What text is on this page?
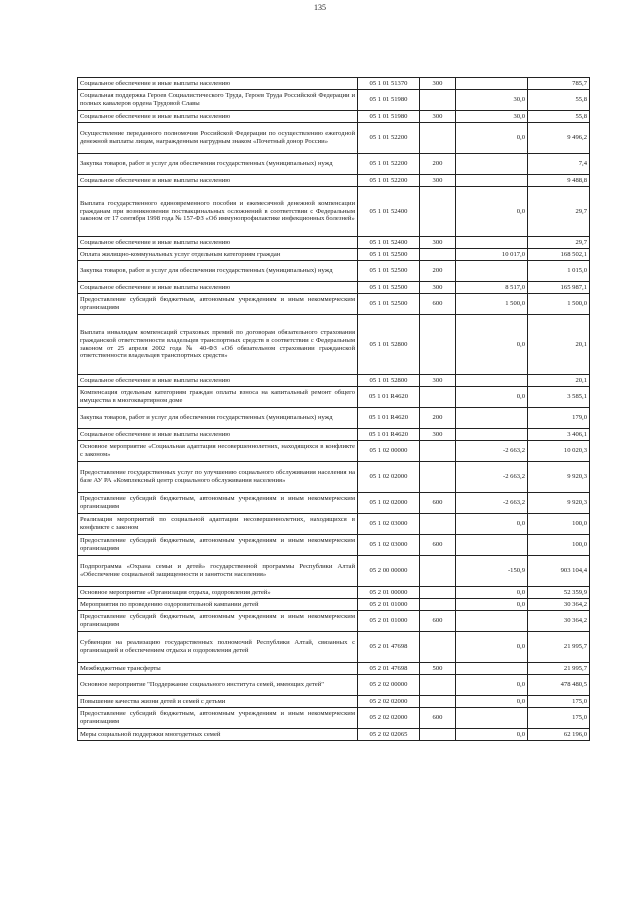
135
Социальное обеспечение и иные выплаты населению	05 1 01 51370	300		785,7
Социальная поддержка Героев Социалистического Труда, Героев Труда Российской Федерации и полных кавалеров ордена Трудовой Славы	05 1 01 51980		30,0	55,8
Социальное обеспечение и иные выплаты населению	05 1 01 51980	300	30,0	55,8
Осуществление переданного полномочия Российской Федерации по осуществлению ежегодной денежной выплаты лицам, награжденным нагрудным знаком «Почетный донор России»	05 1 01 52200		0,0	9 496,2
Закупка товаров, работ и услуг для обеспечения государственных (муниципальных) нужд	05 1 01 52200	200		7,4
Социальное обеспечение и иные выплаты населению	05 1 01 52200	300		9 488,8
Выплата государственного единовременного пособия и ежемесячной денежной компенсации гражданам при возникновении поствакцинальных осложнений в соответствии с Федеральным законом от 17 сентября 1998 года № 157-ФЗ «Об иммунопрофилактике инфекционных болезней»	05 1 01 52400		0,0	29,7
Социальное обеспечение и иные выплаты населению	05 1 01 52400	300		29,7
Оплата жилищно-коммунальных услуг отдельным категориям граждан	05 1 01 52500		10 017,0	168 502,1
Закупка товаров, работ и услуг для обеспечения государственных (муниципальных) нужд	05 1 01 52500	200		1 015,0
Социальное обеспечение и иные выплаты населению	05 1 01 52500	300	8 517,0	165 987,1
Предоставление субсидий бюджетным, автономным учреждениям и иным некоммерческим организациям	05 1 01 52500	600	1 500,0	1 500,0
Выплата инвалидам компенсаций страховых премий по договорам обязательного страхования гражданской ответственности владельцев транспортных средств в соответствии с Федеральным законом от 25 апреля 2002 года № 40-ФЗ «Об обязательном страховании гражданской ответственности владельцев транспортных средств»	05 1 01 52800		0,0	20,1
Социальное обеспечение и иные выплаты населению	05 1 01 52800	300		20,1
Компенсация отдельным категориям граждан оплаты взноса на капитальный ремонт общего имущества в многоквартирном доме	05 1 01 R4620		0,0	3 585,1
Закупка товаров, работ и услуг для обеспечения государственных (муниципальных) нужд	05 1 01 R4620	200		179,0
Социальное обеспечение и иные выплаты населению	05 1 01 R4620	300		3 406,1
Основное мероприятие «Социальная адаптация несовершеннолетних, находящихся в конфликте с законом»	05 1 02 00000		-2 663,2	10 020,3
Предоставление государственных услуг по улучшению социального обслуживания населения на базе АУ РА «Комплексный центр социального обслуживания населения»	05 1 02 02000		-2 663,2	9 920,3
Предоставление субсидий бюджетным, автономным учреждениям и иным некоммерческим организациям	05 1 02 02000	600	-2 663,2	9 920,3
Реализация мероприятий по социальной адаптации несовершеннолетних, находящихся в конфликте с законом	05 1 02 03000		0,0	100,0
Предоставление субсидий бюджетным, автономным учреждениям и иным некоммерческим организациям	05 1 02 03000	600		100,0
Подпрограмма «Охрана семьи и детей» государственной программы Республики Алтай «Обеспечение социальной защищенности и занятости населения»	05 2 00 00000		-150,9	903 104,4
Основное мероприятие «Организация отдыха, оздоровления детей»	05 2 01 00000		0,0	52 359,9
Мероприятия по проведению оздоровительной кампании детей	05 2 01 01000		0,0	30 364,2
Предоставление субсидий бюджетным, автономным учреждениям и иным некоммерческим организациям	05 2 01 01000	600		30 364,2
Субвенции на реализацию государственных полномочий Республики Алтай, связанных с организацией и обеспечением отдыха и оздоровления детей	05 2 01 47698		0,0	21 995,7
Межбюджетные трансферты	05 2 01 47698	500		21 995,7
Основное мероприятие "Поддержание социального института семей, имеющих детей"	05 2 02 00000		0,0	478 480,5
Повышение качества жизни детей и семей с детьми	05 2 02 02000		0,0	175,0
Предоставление субсидий бюджетным, автономным учреждениям и иным некоммерческим организациям	05 2 02 02000	600		175,0
Меры социальной поддержки многодетных семей	05 2 02 02065		0,0	62 196,0
